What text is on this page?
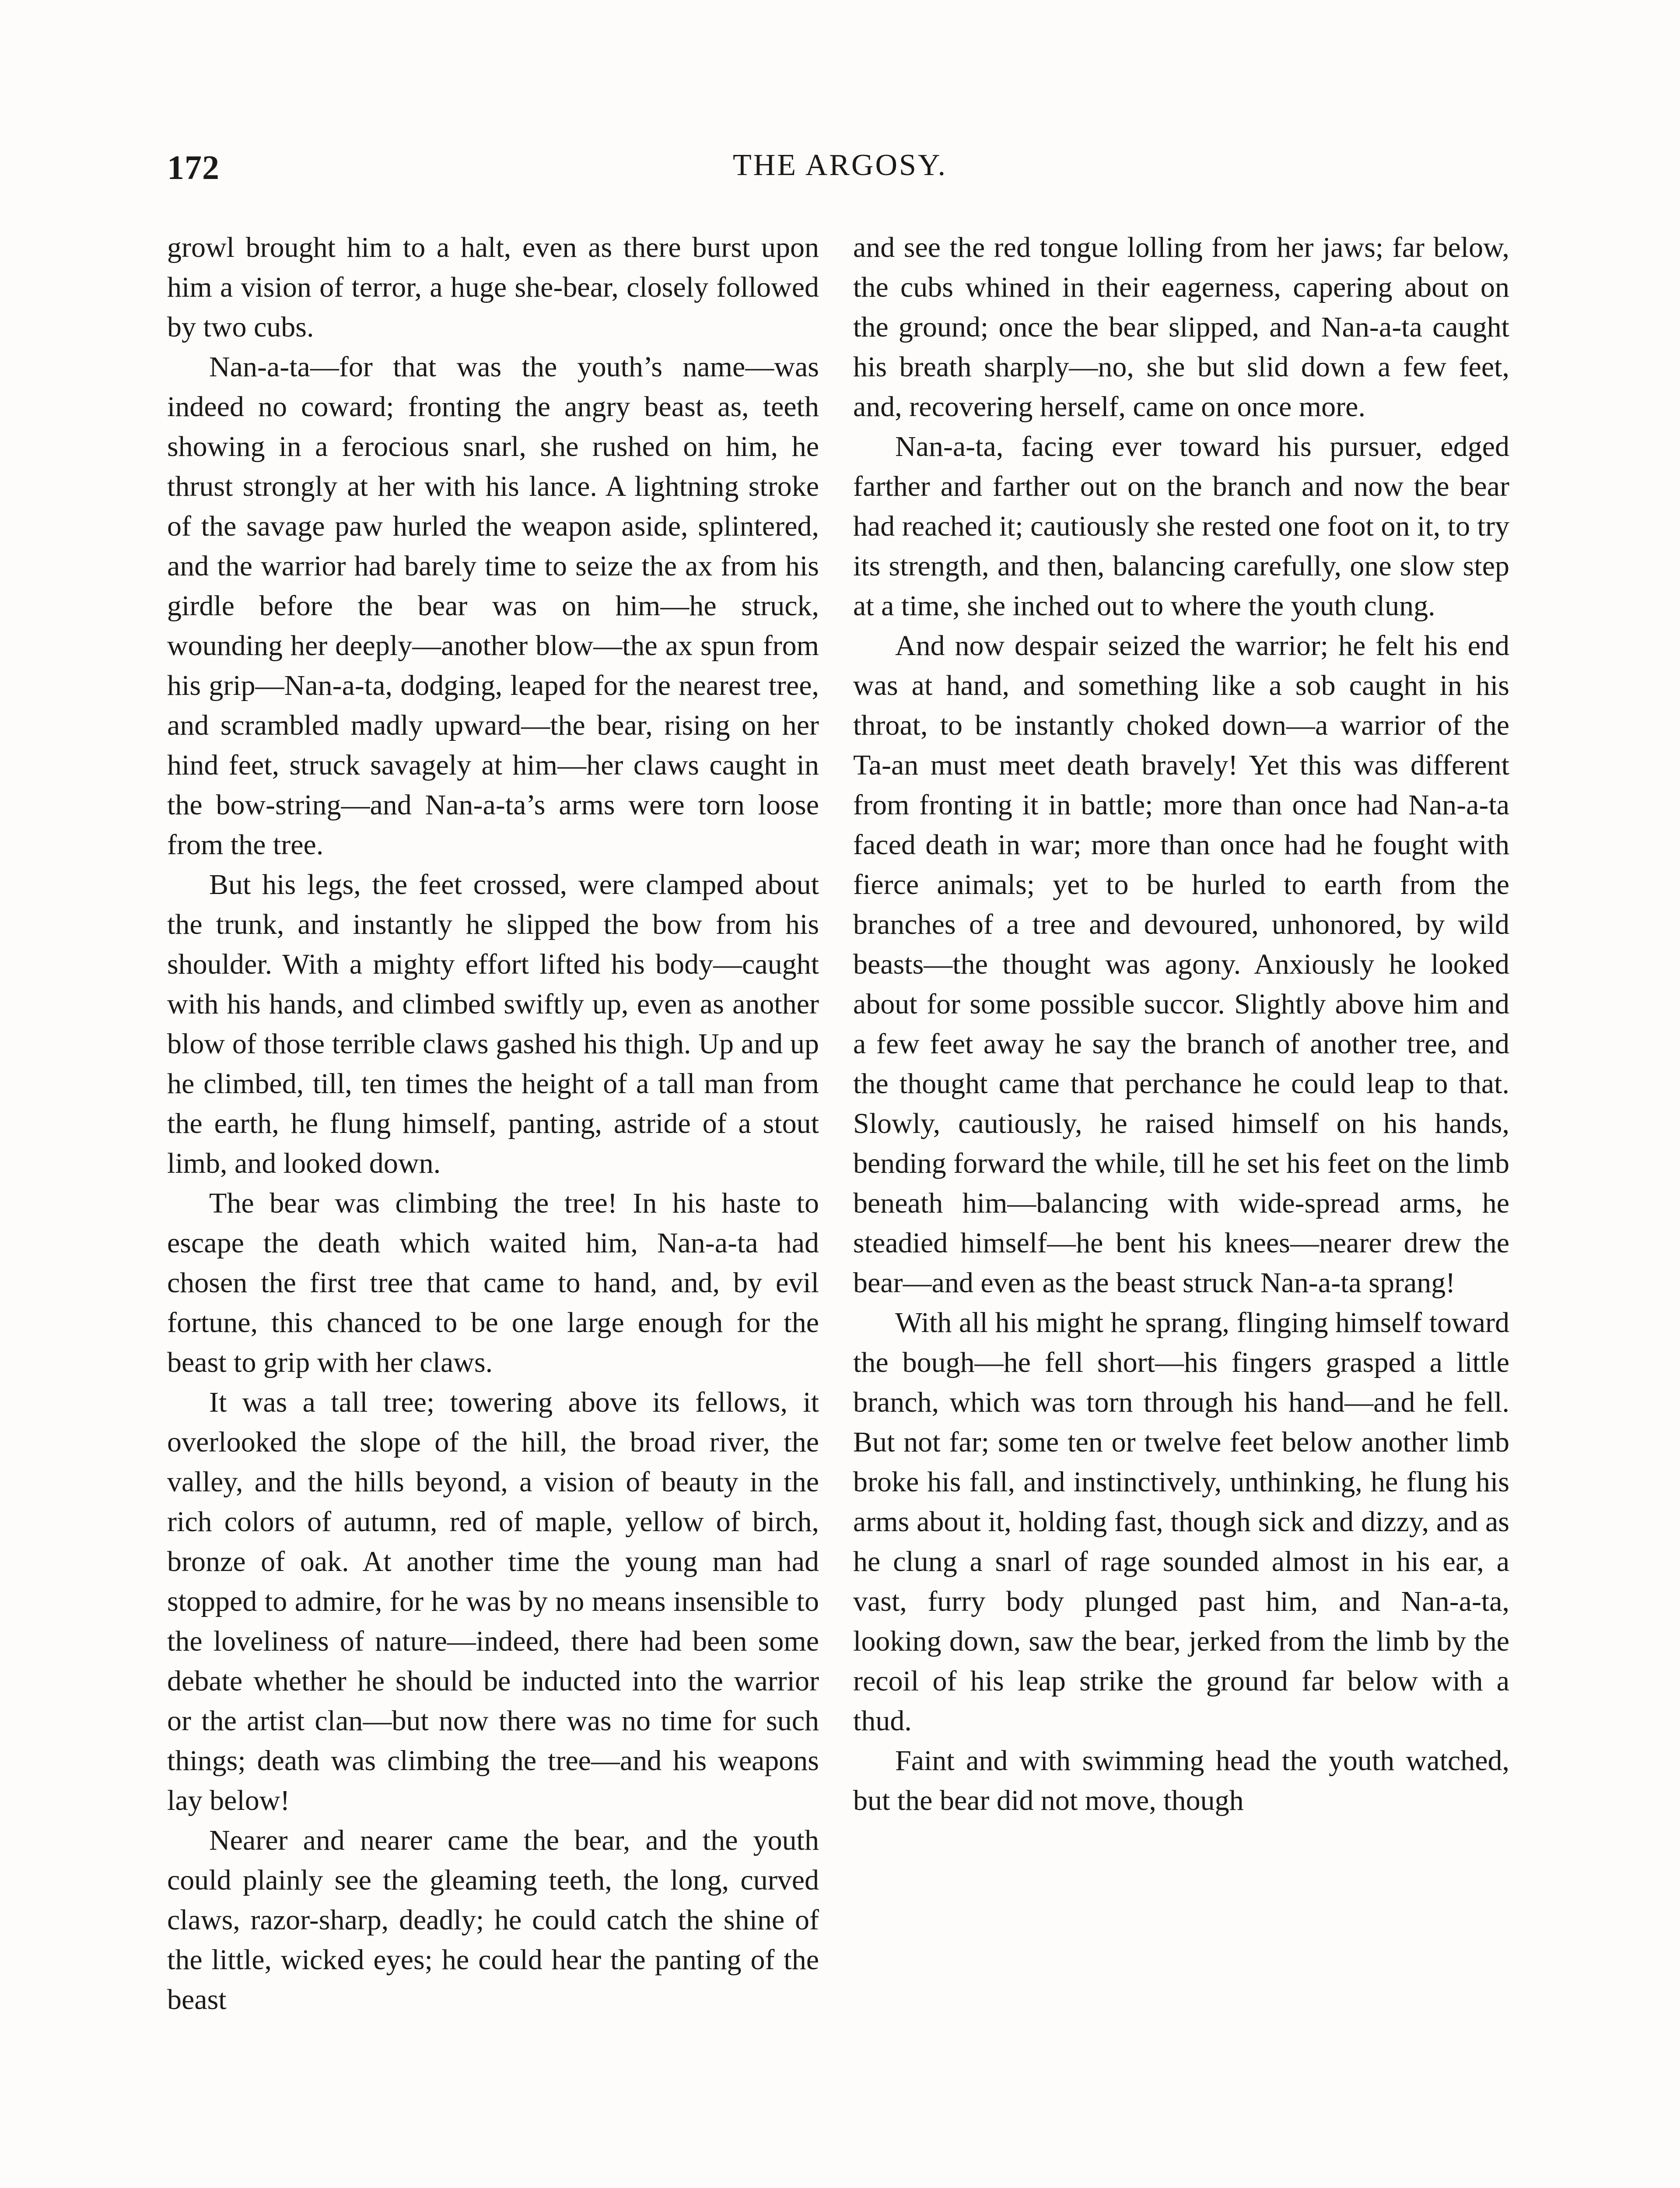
172	THE ARGOSY.

growl brought him to a halt, even as there burst upon him a vision of terror, a huge she-bear, closely followed by two cubs.

Nan-a-ta—for that was the youth’s name—was indeed no coward; fronting the angry beast as, teeth showing in a ferocious snarl, she rushed on him, he thrust strongly at her with his lance. A lightning stroke of the savage paw hurled the weapon aside, splintered, and the warrior had barely time to seize the ax from his girdle before the bear was on him—he struck, wounding her deeply—another blow—the ax spun from his grip—Nan-a-ta, dodging, leaped for the nearest tree, and scrambled madly upward—the bear, rising on her hind feet, struck savagely at him—her claws caught in the bow-string—and Nan-a-ta’s arms were torn loose from the tree.

But his legs, the feet crossed, were clamped about the trunk, and instantly he slipped the bow from his shoulder. With a mighty effort lifted his body—caught with his hands, and climbed swiftly up, even as another blow of those terrible claws gashed his thigh. Up and up he climbed, till, ten times the height of a tall man from the earth, he flung himself, panting, astride of a stout limb, and looked down.

The bear was climbing the tree! In his haste to escape the death which waited him, Nan-a-ta had chosen the first tree that came to hand, and, by evil fortune, this chanced to be one large enough for the beast to grip with her claws.

It was a tall tree; towering above its fellows, it overlooked the slope of the hill, the broad river, the valley, and the hills beyond, a vision of beauty in the rich colors of autumn, red of maple, yellow of birch, bronze of oak. At another time the young man had stopped to admire, for he was by no means insensible to the loveliness of nature—indeed, there had been some debate whether he should be inducted into the warrior or the artist clan—but now there was no time for such things; death was climbing the tree—and his weapons lay below!

Nearer and nearer came the bear, and the youth could plainly see the gleaming teeth, the long, curved claws, razor-sharp, deadly; he could catch the shine of the little, wicked eyes; he could hear the panting of the beast

and see the red tongue lolling from her jaws; far below, the cubs whined in their eagerness, capering about on the ground; once the bear slipped, and Nan-a-ta caught his breath sharply—no, she but slid down a few feet, and, recovering herself, came on once more.

Nan-a-ta, facing ever toward his pursuer, edged farther and farther out on the branch and now the bear had reached it; cautiously she rested one foot on it, to try its strength, and then, balancing carefully, one slow step at a time, she inched out to where the youth clung.

And now despair seized the warrior; he felt his end was at hand, and something like a sob caught in his throat, to be instantly choked down—a warrior of the Ta-an must meet death bravely! Yet this was different from fronting it in battle; more than once had Nan-a-ta faced death in war; more than once had he fought with fierce animals; yet to be hurled to earth from the branches of a tree and devoured, unhonored, by wild beasts—the thought was agony. Anxiously he looked about for some possible succor. Slightly above him and a few feet away he say the branch of another tree, and the thought came that perchance he could leap to that. Slowly, cautiously, he raised himself on his hands, bending forward the while, till he set his feet on the limb beneath him—balancing with wide-spread arms, he steadied himself—he bent his knees—nearer drew the bear—and even as the beast struck Nan-a-ta sprang!

With all his might he sprang, flinging himself toward the bough—he fell short—his fingers grasped a little branch, which was torn through his hand—and he fell. But not far; some ten or twelve feet below another limb broke his fall, and instinctively, unthinking, he flung his arms about it, holding fast, though sick and dizzy, and as he clung a snarl of rage sounded almost in his ear, a vast, furry body plunged past him, and Nan-a-ta, looking down, saw the bear, jerked from the limb by the recoil of his leap strike the ground far below with a thud.

Faint and with swimming head the youth watched, but the bear did not move, though
